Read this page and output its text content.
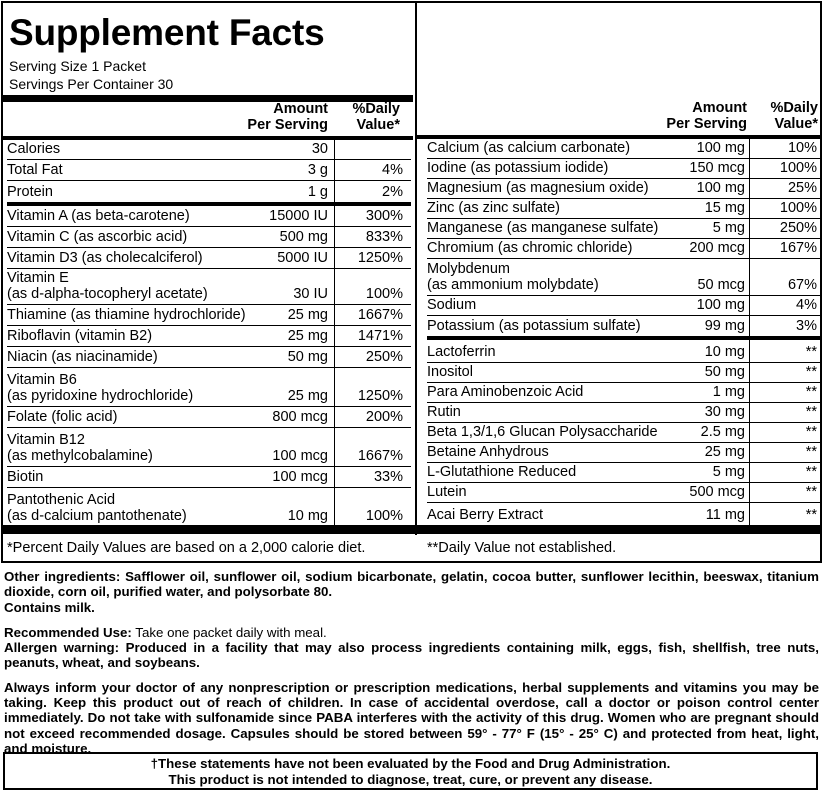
Supplement Facts
Serving Size 1 Packet
Servings Per Container 30
Amount
Per Serving
%Daily
Value*
Amount
Per Serving
%Daily
Value*
Calories	30
Total Fat	3 g	4%
Protein	1 g	2%
Vitamin A (as beta-carotene)	15000 IU	300%
Vitamin C (as ascorbic acid)	500 mg	833%
Vitamin D3 (as cholecalciferol)	5000 IU 1250%
Vitamin E
(as d-alpha-tocopheryl acetate)	30 IU	100%
Thiamine (as thiamine hydrochloride)	25 mg 1667%
Riboflavin (vitamin B2)	25 mg 1471%
Niacin (as niacinamide)	50 mg	250%
Vitamin B6
(as pyridoxine hydrochloride)	25 mg 1250%
Folate (folic acid)	800 mcg	200%
Vitamin B12
(as methylcobalamine)	100 mcg 1667%
Biotin	100 mcg	33%
Pantothenic Acid
(as d-calcium pantothenate)	10 mg	100%
Calcium (as calcium carbonate)	100 mg	10%
Iodine (as potassium iodide)	150 mcg 100%
Magnesium (as magnesium oxide)	100 mg	25%
Zinc (as zinc sulfate)	15 mg 100%
Manganese (as manganese sulfate)	5 mg 250%
Chromium (as chromic chloride)	200 mcg 167%
Molybdenum
(as ammonium molybdate)	50 mcg	67%
Sodium	100 mg	4%
Potassium (as potassium sulfate)	99 mg	3%
Lactoferrin	10 mg	**
Inositol	50 mg	**
Para Aminobenzoic Acid	1 mg	**
Rutin	30 mg	**
Beta 1,3/1,6 Glucan Polysaccharide	2.5 mg	**
Betaine Anhydrous	25 mg	**
L-Glutathione Reduced	5 mg	**
Lutein	500 mcg	**
Acai Berry Extract	11 mg	**
*Percent Daily Values are based on a 2,000 calorie diet.	**Daily Value not established.

Other ingredients: Safflower oil, sunflower oil, sodium bicarbonate, gelatin, cocoa butter, sunflower lecithin, beeswax, titanium dioxide, corn oil, purified water, and polysorbate 80.

Contains milk.

Recommended Use: Take one packet daily with meal.

Allergen warning: Produced in a facility that may also process ingredients containing milk, eggs, fish, shellfish, tree nuts, peanuts, wheat, and soybeans.

Always inform your doctor of any nonprescription or prescription medications, herbal supplements and vitamins you may be taking. Keep this product out of reach of children. In case of accidental overdose, call a doctor or poison control center immediately. Do not take with sulfonamide since PABA interferes with the activity of this drug. Women who are pregnant should not exceed recommended dosage. Capsules should be stored between 59° - 77° F (15° - 25° C) and protected from heat, light, and moisture.

†These statements have not been evaluated by the Food and Drug Administration.
This product is not intended to diagnose, treat, cure, or prevent any disease.
